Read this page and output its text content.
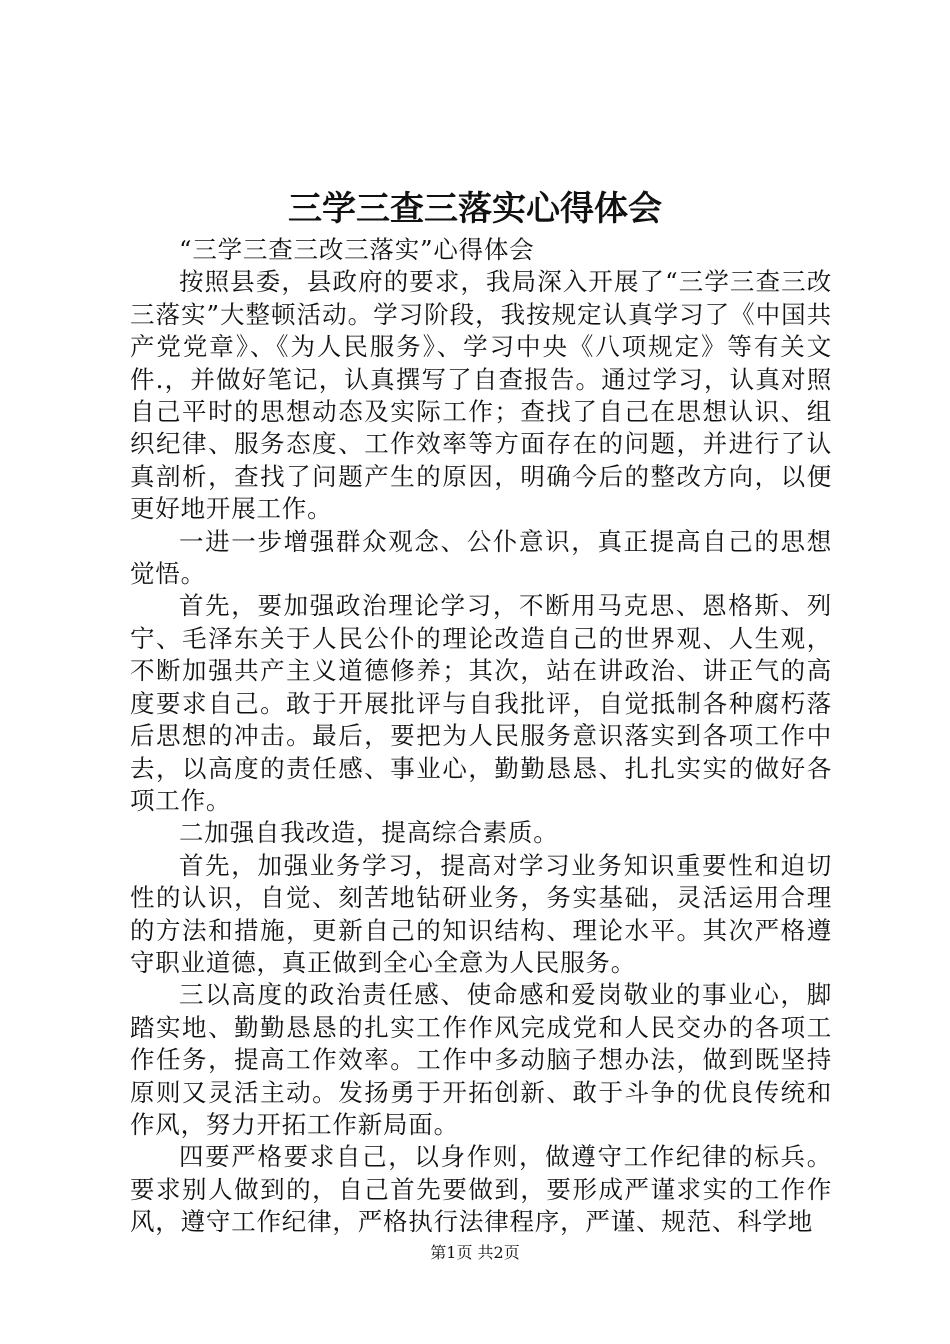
三学三查三落实心得体会

“三学三查三改三落实”心得体会

按照县委，县政府的要求，我局深入开展了“三学三查三改三落实”大整顿活动。学习阶段，我按规定认真学习了《中国共产党党章》、《为人民服务》、学习中央《八项规定》等有关文件.，并做好笔记，认真撰写了自查报告。通过学习，认真对照自己平时的思想动态及实际工作；查找了自己在思想认识、组织纪律、服务态度、工作效率等方面存在的问题，并进行了认真剖析，查找了问题产生的原因，明确今后的整改方向，以便更好地开展工作。

一进一步增强群众观念、公仆意识，真正提高自己的思想觉悟。

首先，要加强政治理论学习，不断用马克思、恩格斯、列宁、毛泽东关于人民公仆的理论改造自己的世界观、人生观，不断加强共产主义道德修养；其次，站在讲政治、讲正气的高度要求自己。敢于开展批评与自我批评，自觉抵制各种腐朽落后思想的冲击。最后，要把为人民服务意识落实到各项工作中去，以高度的责任感、事业心，勤勤恳恳、扎扎实实的做好各项工作。

二加强自我改造，提高综合素质。

首先，加强业务学习，提高对学习业务知识重要性和迫切性的认识，自觉、刻苦地钻研业务，务实基础，灵活运用合理的方法和措施，更新自己的知识结构、理论水平。其次严格遵守职业道德，真正做到全心全意为人民服务。

三以高度的政治责任感、使命感和爱岗敬业的事业心，脚踏实地、勤勤恳恳的扎实工作作风完成党和人民交办的各项工作任务，提高工作效率。工作中多动脑子想办法，做到既坚持原则又灵活主动。发扬勇于开拓创新、敢于斗争的优良传统和作风，努力开拓工作新局面。

四要严格要求自己，以身作则，做遵守工作纪律的标兵。要求别人做到的，自己首先要做到，要形成严谨求实的工作作风，遵守工作纪律，严格执行法律程序，严谨、规范、科学地

第1页 共2页
